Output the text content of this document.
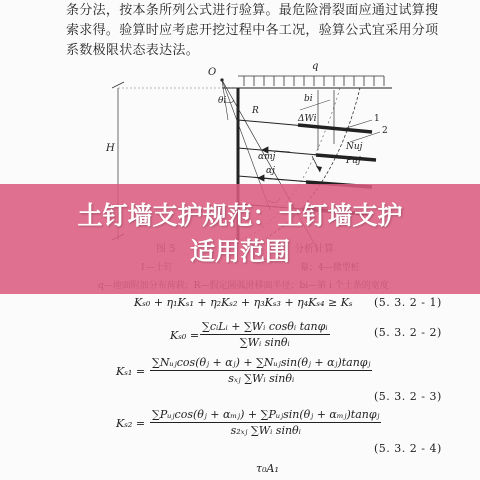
条分法，按本条所列公式进行验算。最危险滑裂面应通过试算搜

索求得。验算时应考虑开挖过程中各工况，验算公式宜采用分项

系数极限状态表达法。

O
q
H
θi
R
bi
ΔWi	1
2
Nuj
Puj
αmj
αj
Kₛ₀ + η₁Kₛ₁ + η₂Kₛ₂ + η₃Kₛ₃ + η₄Kₛ₄ ≥ Kₛ (5. 3. 2 - 1)
Kₛ₀ =
∑cᵢLᵢ + ∑Wᵢ cosθᵢ tanφᵢ
∑Wᵢ sinθᵢ
(5. 3. 2 - 2)
Kₛ₁ =
∑Nᵤⱼcos(θⱼ + αⱼ) + ∑Nᵤⱼsin(θⱼ + αⱼ)tanφⱼ
sₓⱼ ∑Wᵢ sinθᵢ
(5. 3. 2 - 3)
Kₛ₂ =
∑Pᵤⱼcos(θⱼ + αₘⱼ) + ∑Pᵤⱼsin(θⱼ + αₘⱼ)tanφⱼ
s₂ₓⱼ ∑Wᵢ sinθᵢ
(5. 3. 2 - 4)
τ₀A₁
土钉墙支护规范：土钉墙支护
适用范围
